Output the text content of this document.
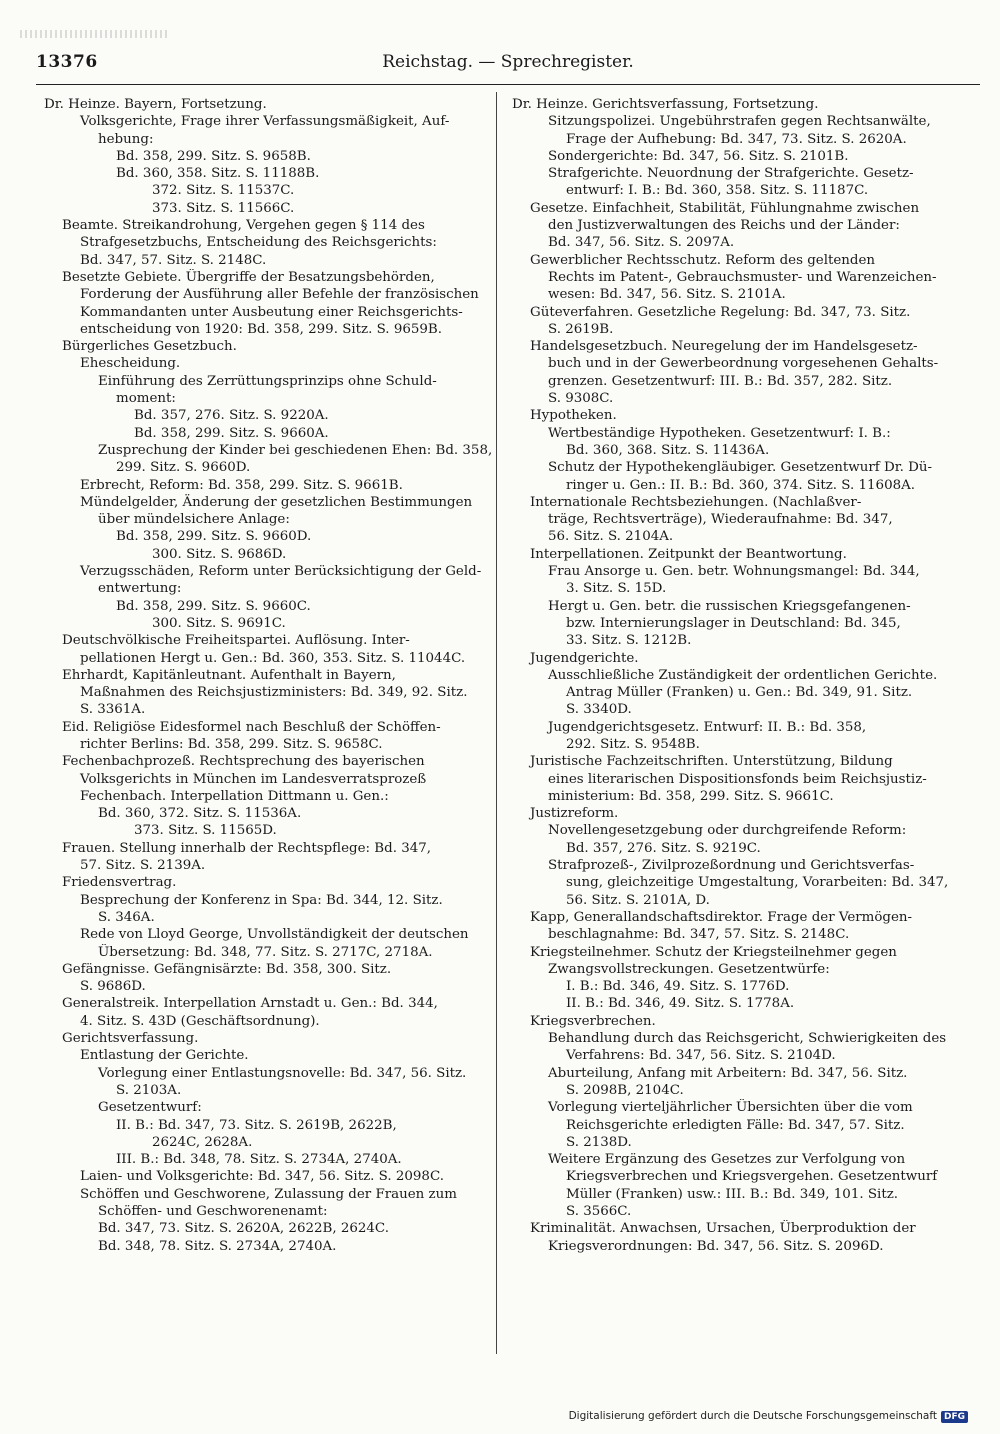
13376	Reichstag. — Sprechregister.
Dr. Heinze. Bayern, Fortsetzung.
Volksgerichte, Frage ihrer Verfassungsmäßigkeit, Auf-
hebung:
Bd. 358, 299. Sitz. S. 9658B.
Bd. 360, 358. Sitz. S. 11188B.
372. Sitz. S. 11537C.
373. Sitz. S. 11566C.
Beamte. Streikandrohung, Vergehen gegen § 114 des
Strafgesetzbuchs, Entscheidung des Reichsgerichts:
Bd. 347, 57. Sitz. S. 2148C.
Besetzte Gebiete. Übergriffe der Besatzungsbehörden,
Forderung der Ausführung aller Befehle der französischen
Kommandanten unter Ausbeutung einer Reichsgerichts-
entscheidung von 1920: Bd. 358, 299. Sitz. S. 9659B.
Bürgerliches Gesetzbuch.
Ehescheidung.
Einführung des Zerrüttungsprinzips ohne Schuld-
moment:
Bd. 357, 276. Sitz. S. 9220A.
Bd. 358, 299. Sitz. S. 9660A.
Zusprechung der Kinder bei geschiedenen Ehen: Bd. 358,
299. Sitz. S. 9660D.
Erbrecht, Reform: Bd. 358, 299. Sitz. S. 9661B.
Mündelgelder, Änderung der gesetzlichen Bestimmungen
über mündelsichere Anlage:
Bd. 358, 299. Sitz. S. 9660D.
300. Sitz. S. 9686D.
Verzugsschäden, Reform unter Berücksichtigung der Geld-
entwertung:
Bd. 358, 299. Sitz. S. 9660C.
300. Sitz. S. 9691C.
Deutschvölkische Freiheitspartei. Auflösung. Inter-
pellationen Hergt u. Gen.: Bd. 360, 353. Sitz. S. 11044C.
Ehrhardt, Kapitänleutnant. Aufenthalt in Bayern,
Maßnahmen des Reichsjustizministers: Bd. 349, 92. Sitz.
S. 3361A.
Eid. Religiöse Eidesformel nach Beschluß der Schöffen-
richter Berlins: Bd. 358, 299. Sitz. S. 9658C.
Fechenbachprozeß. Rechtsprechung des bayerischen
Volksgerichts in München im Landesverratsprozeß
Fechenbach. Interpellation Dittmann u. Gen.:
Bd. 360, 372. Sitz. S. 11536A.
373. Sitz. S. 11565D.
Frauen. Stellung innerhalb der Rechtspflege: Bd. 347,
57. Sitz. S. 2139A.
Friedensvertrag.
Besprechung der Konferenz in Spa: Bd. 344, 12. Sitz.
S. 346A.
Rede von Lloyd George, Unvollständigkeit der deutschen
Übersetzung: Bd. 348, 77. Sitz. S. 2717C, 2718A.
Gefängnisse. Gefängnisärzte: Bd. 358, 300. Sitz.
S. 9686D.
Generalstreik. Interpellation Arnstadt u. Gen.: Bd. 344,
4. Sitz. S. 43D (Geschäftsordnung).
Gerichtsverfassung.
Entlastung der Gerichte.
Vorlegung einer Entlastungsnovelle: Bd. 347, 56. Sitz.
S. 2103A.
Gesetzentwurf:
II. B.: Bd. 347, 73. Sitz. S. 2619B, 2622B,
2624C, 2628A.
III. B.: Bd. 348, 78. Sitz. S. 2734A, 2740A.
Laien- und Volksgerichte: Bd. 347, 56. Sitz. S. 2098C.
Schöffen und Geschworene, Zulassung der Frauen zum
Schöffen- und Geschworenenamt:
Bd. 347, 73. Sitz. S. 2620A, 2622B, 2624C.
Bd. 348, 78. Sitz. S. 2734A, 2740A.
Dr. Heinze. Gerichtsverfassung, Fortsetzung.
Sitzungspolizei. Ungebührstrafen gegen Rechtsanwälte,
Frage der Aufhebung: Bd. 347, 73. Sitz. S. 2620A.
Sondergerichte: Bd. 347, 56. Sitz. S. 2101B.
Strafgerichte. Neuordnung der Strafgerichte. Gesetz-
entwurf: I. B.: Bd. 360, 358. Sitz. S. 11187C.
Gesetze. Einfachheit, Stabilität, Fühlungnahme zwischen
den Justizverwaltungen des Reichs und der Länder:
Bd. 347, 56. Sitz. S. 2097A.
Gewerblicher Rechtsschutz. Reform des geltenden
Rechts im Patent-, Gebrauchsmuster- und Warenzeichen-
wesen: Bd. 347, 56. Sitz. S. 2101A.
Güteverfahren. Gesetzliche Regelung: Bd. 347, 73. Sitz.
S. 2619B.
Handelsgesetzbuch. Neuregelung der im Handelsgesetz-
buch und in der Gewerbeordnung vorgesehenen Gehalts-
grenzen. Gesetzentwurf: III. B.: Bd. 357, 282. Sitz.
S. 9308C.
Hypotheken.
Wertbeständige Hypotheken. Gesetzentwurf: I. B.:
Bd. 360, 368. Sitz. S. 11436A.
Schutz der Hypothekengläubiger. Gesetzentwurf Dr. Dü-
ringer u. Gen.: II. B.: Bd. 360, 374. Sitz. S. 11608A.
Internationale Rechtsbeziehungen. (Nachlaßver-
träge, Rechtsverträge), Wiederaufnahme: Bd. 347,
56. Sitz. S. 2104A.
Interpellationen. Zeitpunkt der Beantwortung.
Frau Ansorge u. Gen. betr. Wohnungsmangel: Bd. 344,
3. Sitz. S. 15D.
Hergt u. Gen. betr. die russischen Kriegsgefangenen-
bzw. Internierungslager in Deutschland: Bd. 345,
33. Sitz. S. 1212B.
Jugendgerichte.
Ausschließliche Zuständigkeit der ordentlichen Gerichte.
Antrag Müller (Franken) u. Gen.: Bd. 349, 91. Sitz.
S. 3340D.
Jugendgerichtsgesetz. Entwurf: II. B.: Bd. 358,
292. Sitz. S. 9548B.
Juristische Fachzeitschriften. Unterstützung, Bildung
eines literarischen Dispositionsfonds beim Reichsjustiz-
ministerium: Bd. 358, 299. Sitz. S. 9661C.
Justizreform.
Novellengesetzgebung oder durchgreifende Reform:
Bd. 357, 276. Sitz. S. 9219C.
Strafprozeß-, Zivilprozeßordnung und Gerichtsverfas-
sung, gleichzeitige Umgestaltung, Vorarbeiten: Bd. 347,
56. Sitz. S. 2101A, D.
Kapp, Generallandschaftsdirektor. Frage der Vermögen-
beschlagnahme: Bd. 347, 57. Sitz. S. 2148C.
Kriegsteilnehmer. Schutz der Kriegsteilnehmer gegen
Zwangsvollstreckungen. Gesetzentwürfe:
I. B.: Bd. 346, 49. Sitz. S. 1776D.
II. B.: Bd. 346, 49. Sitz. S. 1778A.
Kriegsverbrechen.
Behandlung durch das Reichsgericht, Schwierigkeiten des
Verfahrens: Bd. 347, 56. Sitz. S. 2104D.
Aburteilung, Anfang mit Arbeitern: Bd. 347, 56. Sitz.
S. 2098B, 2104C.
Vorlegung vierteljährlicher Übersichten über die vom
Reichsgerichte erledigten Fälle: Bd. 347, 57. Sitz.
S. 2138D.
Weitere Ergänzung des Gesetzes zur Verfolgung von
Kriegsverbrechen und Kriegsvergehen. Gesetzentwurf
Müller (Franken) usw.: III. B.: Bd. 349, 101. Sitz.
S. 3566C.
Kriminalität. Anwachsen, Ursachen, Überproduktion der
Kriegsverordnungen: Bd. 347, 56. Sitz. S. 2096D.
Digitalisierung gefördert durch die Deutsche Forschungsgemeinschaft DFG
